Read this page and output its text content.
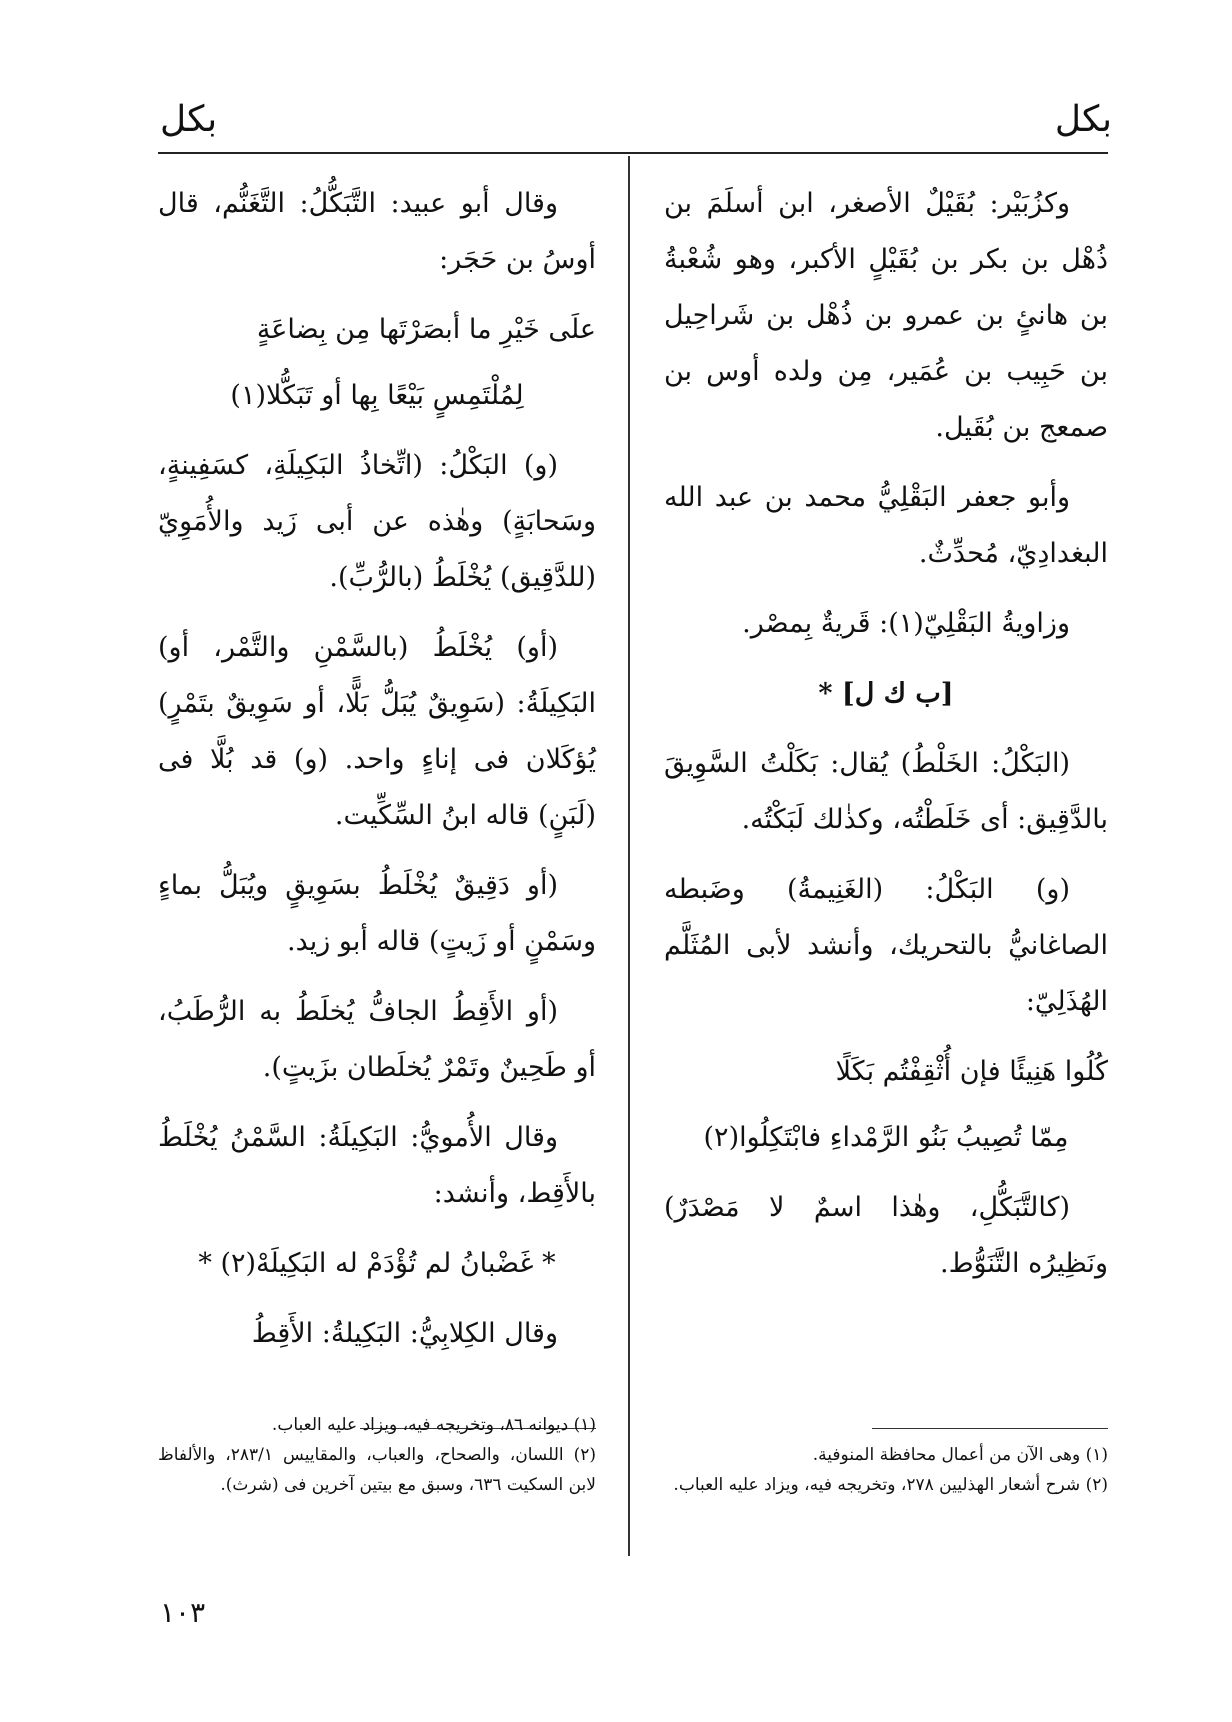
بكل
بكل

وكزُبَيْر: بُقَيْلٌ الأصغر، ابن أسلَمَ بن ذُهْل بن بكر بن بُقَيْلٍ الأكبر، وهو شُعْبةُ بن هانئٍ بن عمرو بن ذُهْل بن شَراحِيل بن حَبِيب بن عُمَير، مِن ولده أوس بن صمعج بن بُقَيل.

وأبو جعفر البَقْلِيُّ محمد بن عبد الله البغدادِيّ، مُحدِّثٌ.

وزاويةُ البَقْلِيّ(١): قَريةٌ بِمصْر.

[ب ك ل] *

(البَكْلُ: الخَلْطُ) يُقال: بَكَلْتُ السَّوِيقَ بالدَّقِيق: أى خَلَطْتُه، وكذٰلك لَبَكْتُه.

(و) البَكْلُ: (الغَنِيمةُ) وضَبطه الصاغانيُّ بالتحريك، وأنشد لأبى المُثَلَّم الهُذَلِيّ:

كُلُوا هَنِيئًا فإن أُثْقِفْتُم بَكَلًا

مِمّا تُصِيبُ بَنُو الرَّمْداءِ فابْتَكِلُوا(٢)

(كالتَّبَكُّلِ، وهٰذا اسمٌ لا مَصْدَرٌ) ونَظِيرُه التَّنَوُّط.

(١) وهى الآن من أعمال محافظة المنوفية.

(٢) شرح أشعار الهذليين ٢٧٨، وتخريجه فيه، ويزاد عليه العباب.

وقال أبو عبيد: التَّبَكُّلُ: التَّغَنُّم، قال أوسُ بن حَجَر:

علَى خَيْرِ ما أبصَرْتَها مِن بِضاعَةٍ

لِمُلْتَمِسٍ بَيْعًا بِها أو تَبَكُّلا(١)

(و) البَكْلُ: (اتِّخاذُ البَكِيلَةِ، كسَفِينةٍ، وسَحابَةٍ) وهٰذه عن أبى زَيد والأُمَوِيّ (للدَّقِيق) يُخْلَطُ (بالرُّبِّ).

(أو) يُخْلَطُ (بالسَّمْنِ والتَّمْر، أو) البَكِيلَةُ: (سَوِيقٌ يُبَلُّ بَلًّا، أو سَوِيقٌ بتَمْرٍ) يُؤكَلان فى إناءٍ واحد. (و) قد بُلَّا فى (لَبَنٍ) قاله ابنُ السِّكِّيت.

(أو دَقِيقٌ يُخْلَطُ بسَوِيقٍ ويُبَلُّ بماءٍ وسَمْنٍ أو زَيتٍ) قاله أبو زيد.

(أو الأَقِطُ الجافُّ يُخلَطُ به الرُّطَبُ، أو طَحِينٌ وتَمْرٌ يُخلَطان بزَيتٍ).

وقال الأُمويُّ: البَكِيلَةُ: السَّمْنُ يُخْلَطُ بالأَقِط، وأنشد:

* غَضْبانُ لم تُؤْدَمْ له البَكِيلَهْ(٢) *

وقال الكِلابِيُّ: البَكِيلةُ: الأَقِطُ

(١) ديوانه ٨٦، وتخريجه فيه، ويزاد عليه العباب.

(٢) اللسان، والصحاح، والعباب، والمقاييس ٢٨٣/١، والألفاظ لابن السكيت ٦٣٦، وسبق مع بيتين آخرين فى (شرث).

١٠٣
